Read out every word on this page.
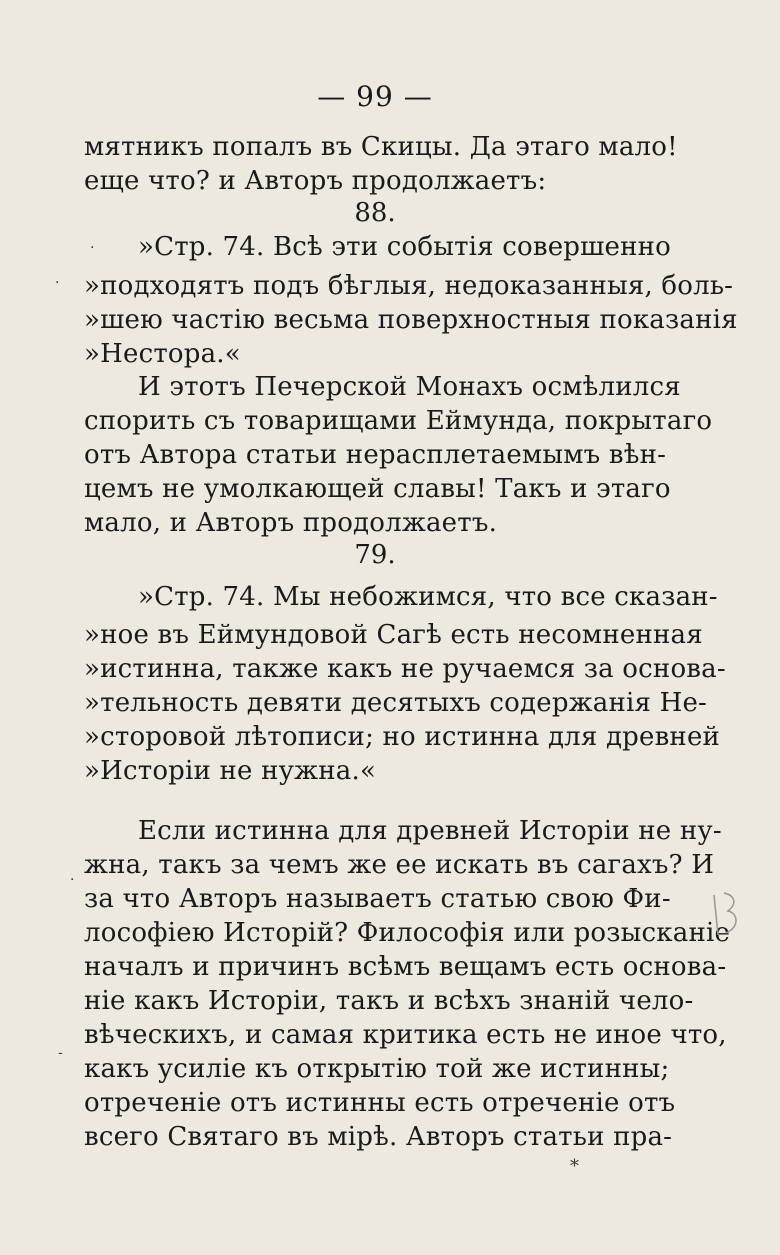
— 99 —
мятникъ попалъ въ Скицы. Да этаго мало!
еще что? и Авторъ продолжаетъ:
88.
»Стр. 74. Всѣ эти событія совершенно
»подходятъ подъ бѣглыя, недоказанныя, боль-
»шею частію весьма поверхностныя показанія
»Нестора.«
И этотъ Печерской Монахъ осмѣлился
спорить съ товарищами Еймунда, покрытаго
отъ Автора статьи нерасплетаемымъ вѣн-
цемъ не умолкающей славы! Такъ и этаго
мало, и Авторъ продолжаетъ.
79.
»Стр. 74. Мы небожимся, что все сказан-
»ное въ Еймундовой Сагѣ есть несомненная
»истинна, также какъ не ручаемся за основа-
»тельность девяти десятыхъ содержанія Не-
»сторовой лѣтописи; но истинна для древней
»Исторіи не нужна.«
Если истинна для древней Исторіи не ну-
жна, такъ за чемъ же ее искать въ сагахъ? И
за что Авторъ называетъ статью свою Фи-
лософіею Исторій? Философія или розысканіе
началъ и причинъ всѣмъ вещамъ есть основа-
ніе какъ Исторіи, такъ и всѣхъ знаній чело-
вѣческихъ, и самая критика есть не иное что,
какъ усиліе къ открытію той же истинны;
отреченіе отъ истинны есть отреченіе отъ
всего Святаго въ мірѣ. Авторъ статьи пра-
*
·
·
·
-
